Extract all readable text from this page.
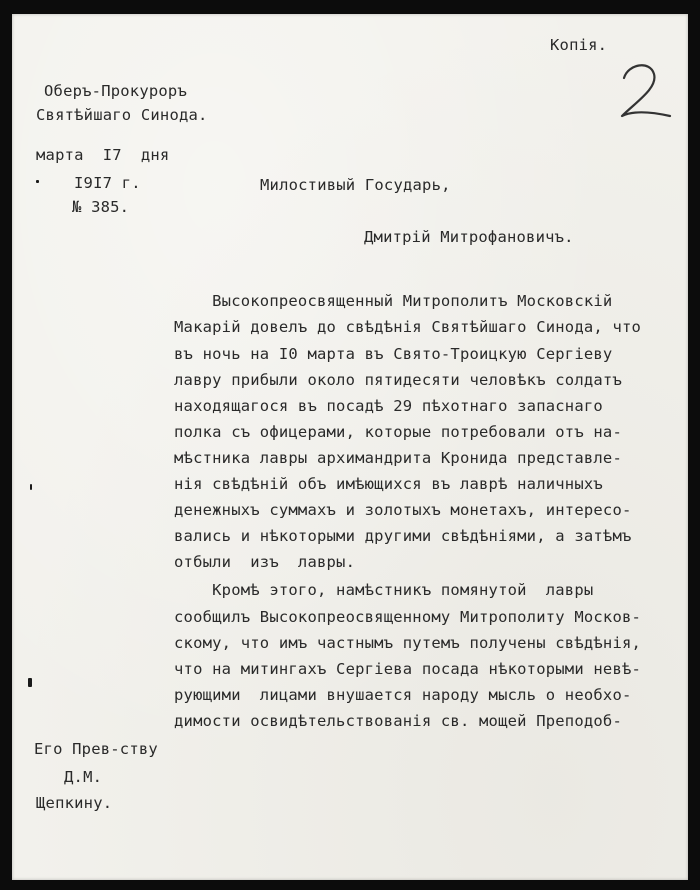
Копія.
Оберъ-Прокуроръ
Святѣйшаго Синода.
марта  I7  дня
I9I7 г.
№ 385.
Милостивый Государь,
Дмитрій Митрофановичъ.
Высокопреосвященный Митрополитъ Московскій
Макарій довелъ до свѣдѣнія Святѣйшаго Синода, что
въ ночь на I0 марта въ Свято-Троицкую Сергіеву
лавру прибыли около пятидесяти человѣкъ солдатъ
находящагося въ посадѣ 29 пѣхотнаго запаснаго
полка съ офицерами, которые потребовали отъ на-
мѣстника лавры архимандрита Кронида представле-
нія свѣдѣній объ имѣющихся въ лаврѣ наличныхъ
денежныхъ суммахъ и золотыхъ монетахъ, интересо-
вались и нѣкоторыми другими свѣдѣніями, а затѣмъ
отбыли  изъ  лавры.
Кромѣ этого, намѣстникъ помянутой  лавры
сообщилъ Высокопреосвященному Митрополиту Москов-
скому, что имъ частнымъ путемъ получены свѣдѣнія,
что на митингахъ Сергіева посада нѣкоторыми невѣ-
рующими  лицами внушается народу мысль о необхо-
димости освидѣтельствованія св. мощей Преподоб-
Его Прев-ству
Д.М.
Щепкину.
